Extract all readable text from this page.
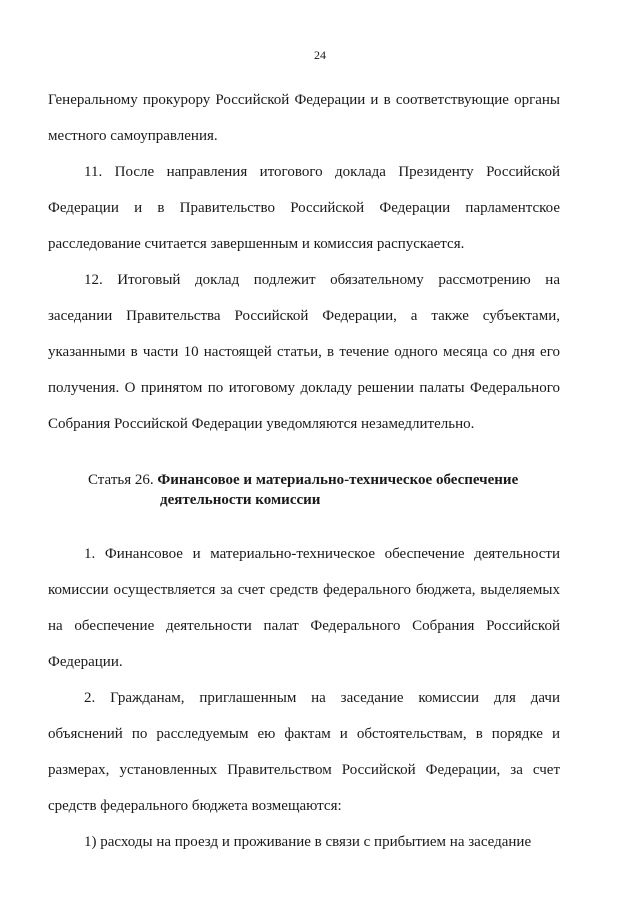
24

Генеральному прокурору Российской Федерации и в соответствующие органы местного самоуправления.

11. После направления итогового доклада Президенту Российской Федерации и в Правительство Российской Федерации парламентское расследование считается завершенным и комиссия распускается.

12. Итоговый доклад подлежит обязательному рассмотрению на заседании Правительства Российской Федерации, а также субъектами, указанными в части 10 настоящей статьи, в течение одного месяца со дня его получения. О принятом по итоговому докладу решении палаты Федерального Собрания Российской Федерации уведомляются незамедлительно.

Статья 26. Финансовое и материально-техническое обеспечение
деятельности комиссии

1. Финансовое и материально-техническое обеспечение деятельности комиссии осуществляется за счет средств федерального бюджета, выделяемых на обеспечение деятельности палат Федерального Собрания Российской Федерации.

2. Гражданам, приглашенным на заседание комиссии для дачи объяснений по расследуемым ею фактам и обстоятельствам, в порядке и размерах, установленных Правительством Российской Федерации, за счет средств федерального бюджета возмещаются:

1) расходы на проезд и проживание в связи с прибытием на заседание
